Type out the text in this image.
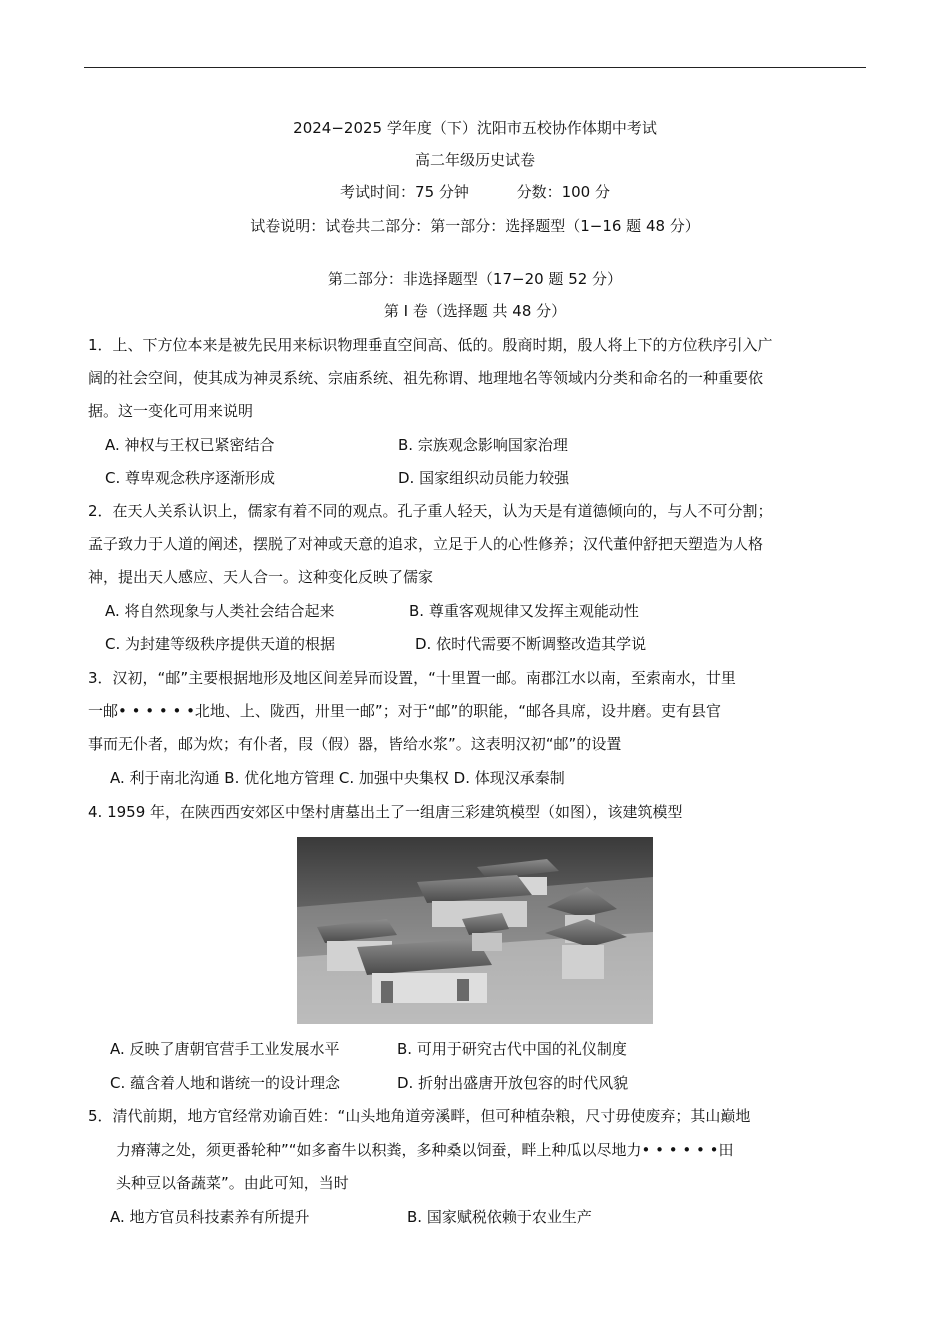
2024−2025 学年度（下）沈阳市五校协作体期中考试
高二年级历史试卷
考试时间：75 分钟          分数：100 分
试卷说明：试卷共二部分：第一部分：选择题型（1−16 题 48 分）
第二部分：非选择题型（17−20 题 52 分）
第 I 卷（选择题 共 48 分）
1．上、下方位本来是被先民用来标识物理垂直空间高、低的。殷商时期，殷人将上下的方位秩序引入广
阔的社会空间，使其成为神灵系统、宗庙系统、祖先称谓、地理地名等领域内分类和命名的一种重要依
据。这一变化可用来说明
A. 神权与王权已紧密结合	B. 宗族观念影响国家治理
C. 尊卑观念秩序逐渐形成	D. 国家组织动员能力较强
2．在天人关系认识上，儒家有着不同的观点。孔子重人轻天，认为天是有道德倾向的，与人不可分割；
孟子致力于人道的阐述，摆脱了对神或天意的追求，立足于人的心性修养；汉代董仲舒把天塑造为人格
神，提出天人感应、天人合一。这种变化反映了儒家
A. 将自然现象与人类社会结合起来	B. 尊重客观规律又发挥主观能动性
C. 为封建等级秩序提供天道的根据	D. 依时代需要不断调整改造其学说
3．汉初，“邮”主要根据地形及地区间差异而设置，“十里置一邮。南郡江水以南，至索南水，廿里
一邮• • • • • •北地、上、陇西，卅里一邮”；对于“邮”的职能，“邮各具席，设井磨。吏有县官
事而无仆者，邮为炊；有仆者，叚（假）器，皆给水浆”。这表明汉初“邮”的设置
A. 利于南北沟通 B. 优化地方管理 C. 加强中央集权 D. 体现汉承秦制
4. 1959 年，在陕西西安郊区中堡村唐墓出土了一组唐三彩建筑模型（如图），该建筑模型
A. 反映了唐朝官营手工业发展水平	B. 可用于研究古代中国的礼仪制度
C. 蕴含着人地和谐统一的设计理念	D. 折射出盛唐开放包容的时代风貌
5．清代前期，地方官经常劝谕百姓：“山头地角道旁溪畔，但可种植杂粮，尺寸毋使废弃；其山巅地
力瘠薄之处，须更番轮种”“如多畜牛以积粪，多种桑以饲蚕，畔上种瓜以尽地力• • • • • •田
头种豆以备蔬菜”。由此可知，当时
A. 地方官员科技素养有所提升	B. 国家赋税依赖于农业生产
